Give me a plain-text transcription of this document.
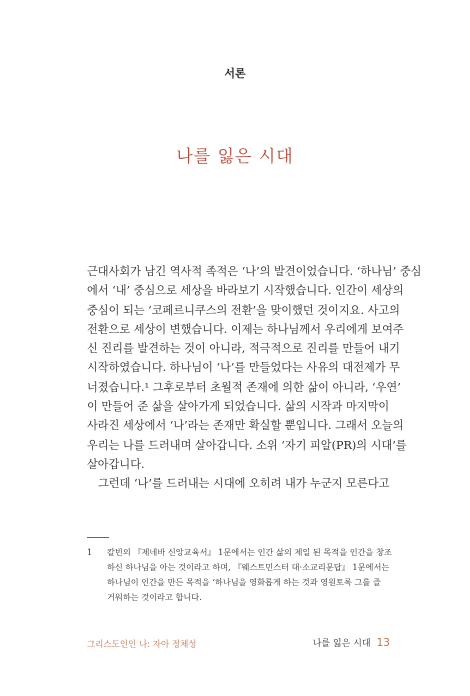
서론
나를 잃은 시대
근대사회가 남긴 역사적 족적은 ‘나’의 발견이었습니다. ‘하나님’ 중심
에서 ‘내’ 중심으로 세상을 바라보기 시작했습니다. 인간이 세상의
중심이 되는 ‘코페르니쿠스의 전환’을 맞이했던 것이지요. 사고의
전환으로 세상이 변했습니다. 이제는 하나님께서 우리에게 보여주
신 진리를 발견하는 것이 아니라, 적극적으로 진리를 만들어 내기
시작하였습니다. 하나님이 ‘나’를 만들었다는 사유의 대전제가 무
너졌습니다.¹ 그후로부터 초월적 존재에 의한 삶이 아니라, ‘우연’
이 만들어 준 삶을 살아가게 되었습니다. 삶의 시작과 마지막이
사라진 세상에서 ‘나’라는 존재만 확실할 뿐입니다. 그래서 오늘의
우리는 나를 드러내며 살아갑니다. 소위 ‘자기 피알(PR)의 시대’를
살아갑니다.
그런데 ‘나’를 드러내는 시대에 오히려 내가 누군지 모른다고
1 칼빈의 『제네바 신앙교육서』 1문에서는 인간 삶의 제일 된 목적을 인간을 창조
하신 하나님을 아는 것이라고 하며, 『웨스트민스터 대·소교리문답』 1문에서는
하나님이 인간을 만든 목적을 ‘하나님을 영화롭게 하는 것과 영원토록 그를 즐
거워하는 것이라고 합니다.
그리스도인인 나: 자아 정체성	나를 잃은 시대 13
